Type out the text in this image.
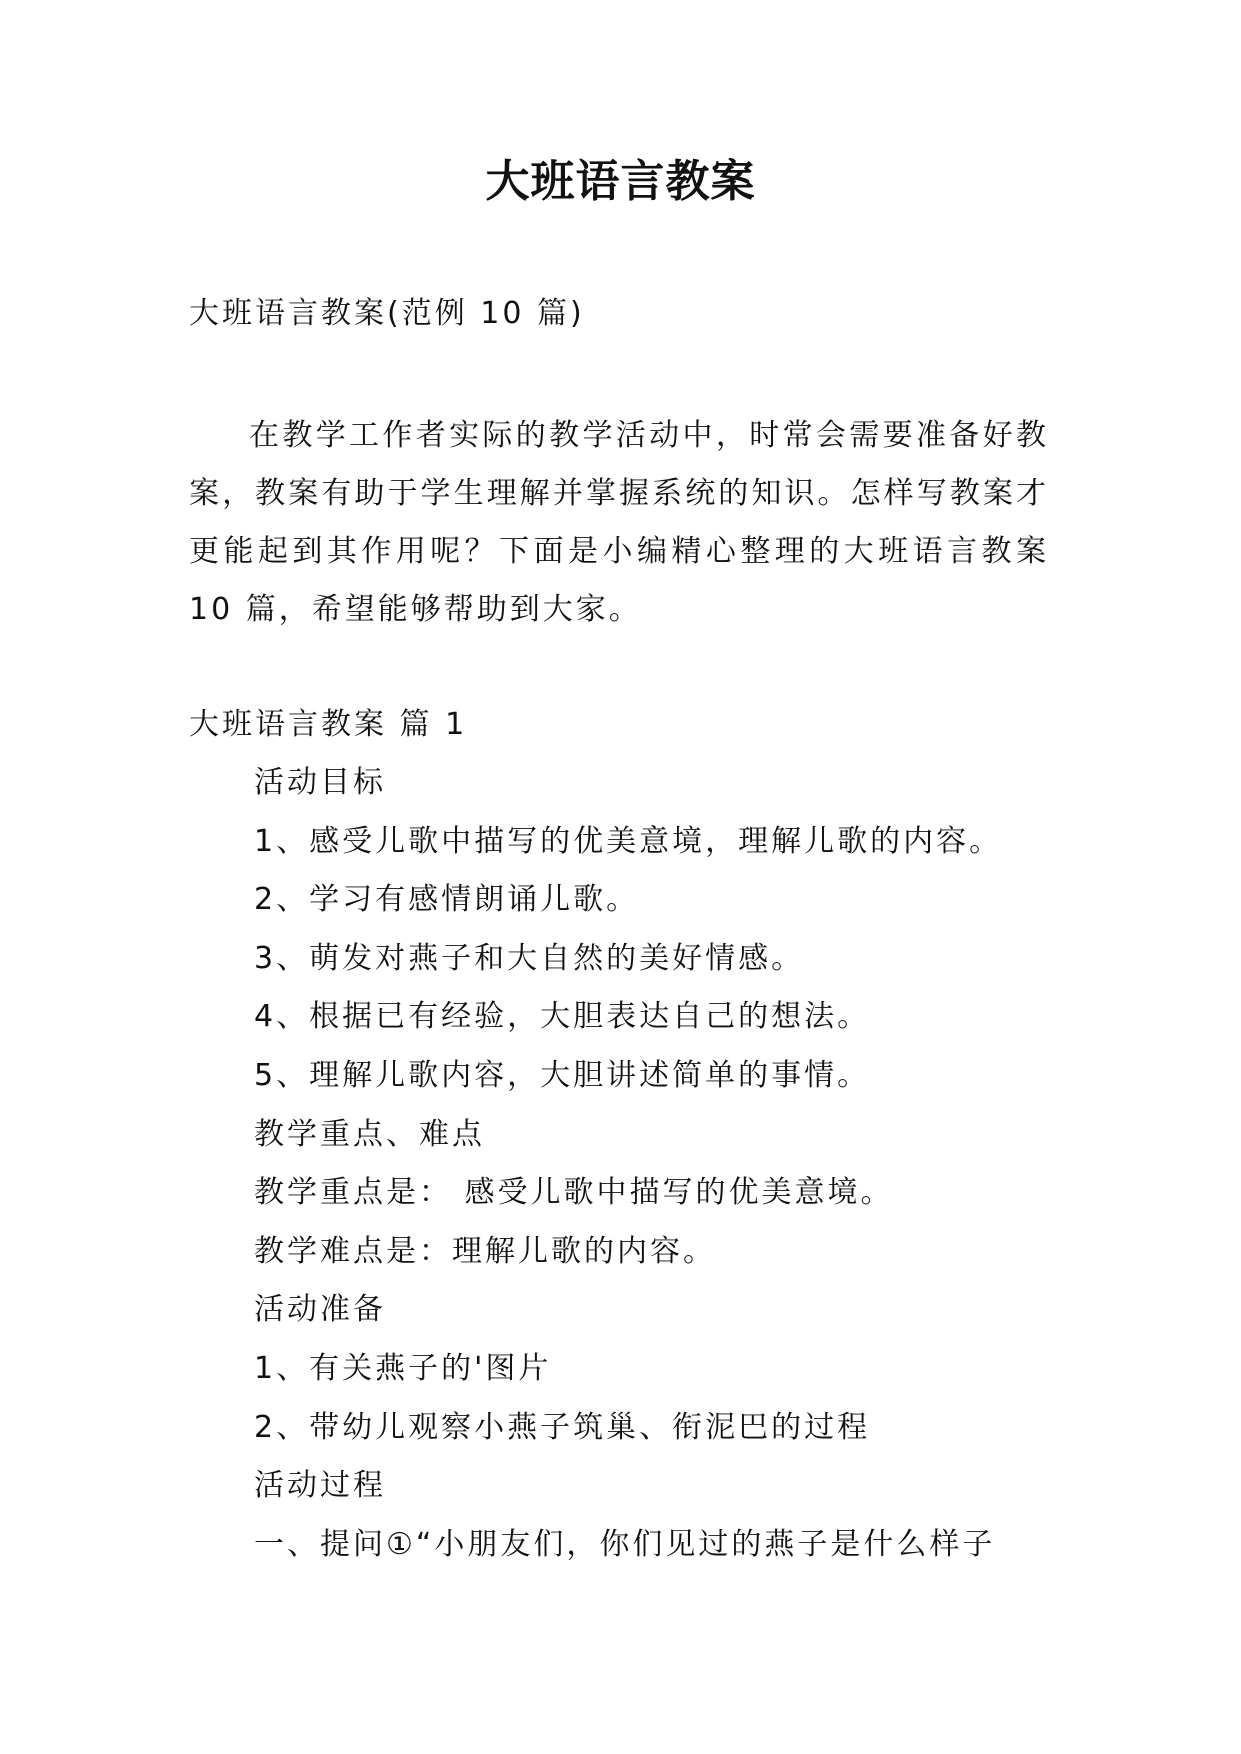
大班语言教案

大班语言教案(范例 10 篇)

在教学工作者实际的教学活动中，时常会需要准备好教案，教案有助于学生理解并掌握系统的知识。怎样写教案才更能起到其作用呢？下面是小编精心整理的大班语言教案 10 篇，希望能够帮助到大家。

大班语言教案 篇 1

活动目标
1、感受儿歌中描写的优美意境，理解儿歌的内容。
2、学习有感情朗诵儿歌。
3、萌发对燕子和大自然的美好情感。
4、根据已有经验，大胆表达自己的想法。
5、理解儿歌内容，大胆讲述简单的事情。
教学重点、难点
教学重点是： 感受儿歌中描写的优美意境。
教学难点是：理解儿歌的内容。
活动准备
1、有关燕子的'图片
2、带幼儿观察小燕子筑巢、衔泥巴的过程
活动过程
一、提问①“小朋友们，你们见过的燕子是什么样子
